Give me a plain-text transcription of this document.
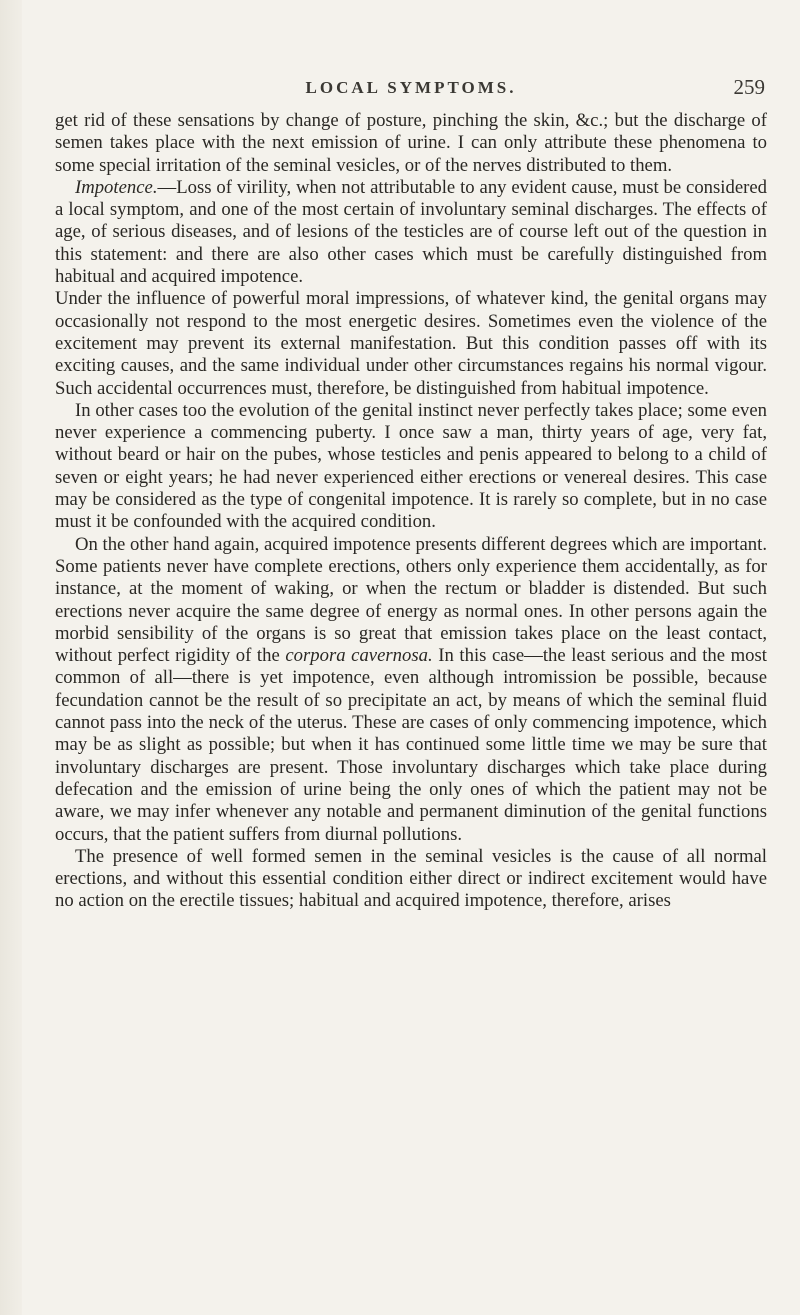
LOCAL SYMPTOMS.	259

get rid of these sensations by change of posture, pinching the skin, &c.; but the discharge of semen takes place with the next emission of urine. I can only attribute these phenomena to some special irritation of the seminal vesicles, or of the nerves distributed to them.

Impotence.—Loss of virility, when not attributable to any evident cause, must be considered a local symptom, and one of the most certain of involuntary seminal discharges. The effects of age, of serious diseases, and of lesions of the testicles are of course left out of the question in this statement: and there are also other cases which must be carefully distinguished from habitual and acquired impotence.

Under the influence of powerful moral impressions, of whatever kind, the genital organs may occasionally not respond to the most energetic desires. Sometimes even the violence of the excitement may prevent its external manifestation. But this condition passes off with its exciting causes, and the same individual under other circumstances regains his normal vigour. Such accidental occurrences must, therefore, be distinguished from habitual impotence.

In other cases too the evolution of the genital instinct never perfectly takes place; some even never experience a commencing puberty. I once saw a man, thirty years of age, very fat, without beard or hair on the pubes, whose testicles and penis appeared to belong to a child of seven or eight years; he had never experienced either erections or venereal desires. This case may be considered as the type of congenital impotence. It is rarely so complete, but in no case must it be confounded with the acquired condition.

On the other hand again, acquired impotence presents different degrees which are important. Some patients never have complete erections, others only experience them accidentally, as for instance, at the moment of waking, or when the rectum or bladder is distended. But such erections never acquire the same degree of energy as normal ones. In other persons again the morbid sensibility of the organs is so great that emission takes place on the least contact, without perfect rigidity of the corpora cavernosa. In this case—the least serious and the most common of all—there is yet impotence, even although intromission be possible, because fecundation cannot be the result of so precipitate an act, by means of which the seminal fluid cannot pass into the neck of the uterus. These are cases of only commencing impotence, which may be as slight as possible; but when it has continued some little time we may be sure that involuntary discharges are present. Those involuntary discharges which take place during defecation and the emission of urine being the only ones of which the patient may not be aware, we may infer whenever any notable and permanent diminution of the genital functions occurs, that the patient suffers from diurnal pollutions.

The presence of well formed semen in the seminal vesicles is the cause of all normal erections, and without this essential condition either direct or indirect excitement would have no action on the erectile tissues; habitual and acquired impotence, therefore, arises
